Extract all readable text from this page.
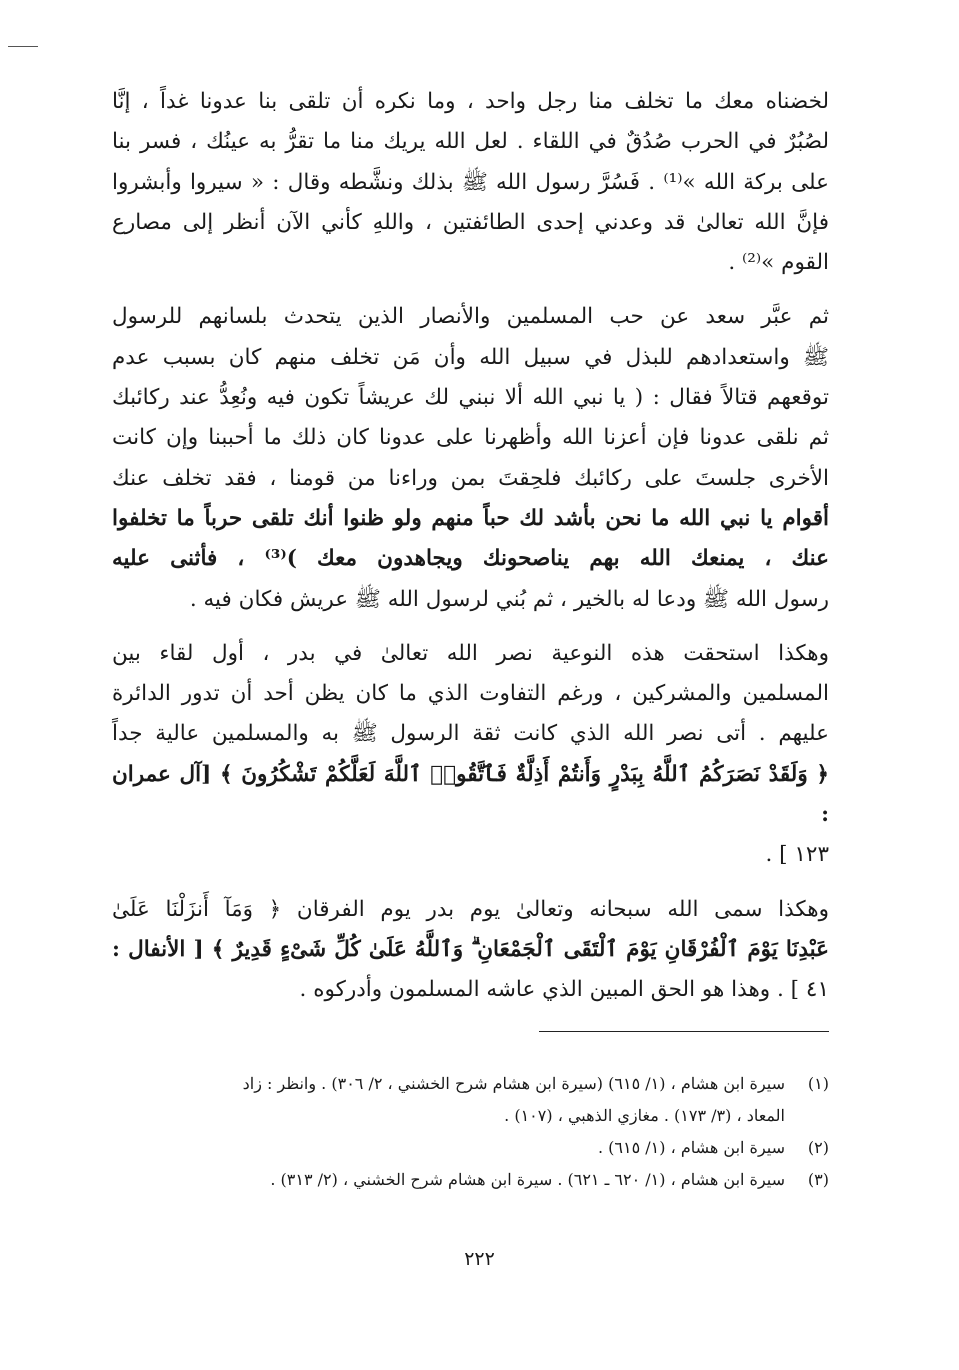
لخضناه معك ما تخلف منا رجل واحد ، وما نكره أن تلقى بنا عدونا غداً ، إنَّا
لصُبُرٌ في الحرب صُدُقٌ في اللقاء . لعل الله يريك منا ما تقرُّ به عينُك ، فسر بنا
على بركة الله »⁽¹⁾ . فَسُرَّ رسول الله ﷺ بذلك ونشَّطه وقال : « سيروا وأبشروا
فإنَّ الله تعالىٰ قد وعدني إحدى الطائفتين ، واللهِ كأني الآن أنظر إلى مصارع
القوم »⁽²⁾ .

ثم عبَّر سعد عن حب المسلمين والأنصار الذين يتحدث بلسانهم للرسول
ﷺ واستعدادهم للبذل في سبيل الله وأن مَن تخلف منهم كان بسبب عدم
توقعهم قتالاً فقال : ( يا نبي الله ألا نبني لك عريشاً تكون فيه ونُعِدُّ عند ركائبك
ثم نلقى عدونا فإن أعزنا الله وأظهرنا على عدونا كان ذلك ما أحببنا وإن كانت
الأخرى جلستَ على ركائبك فلحِقتَ بمن وراءنا من قومنا ، فقد تخلف عنك
أقوام يا نبي الله ما نحن بأشد لك حباً منهم ولو ظنوا أنك تلقى حرباً ما تخلفوا
عنك ، يمنعك الله بهم يناصحونك ويجاهدون معك )⁽³⁾ ، فأثنى عليه
رسول الله ﷺ ودعا له بالخير ، ثم بُني لرسول الله ﷺ عريش فكان فيه .

وهكذا استحقت هذه النوعية نصر الله تعالىٰ في بدر ، أول لقاء بين
المسلمين والمشركين ، ورغم التفاوت الذي ما كان يظن أحد أن تدور الدائرة
عليهم . أتى نصر الله الذي كانت ثقة الرسول ﷺ به والمسلمين عالية جداً
﴿ وَلَقَدْ نَصَرَكُمُ ٱللَّهُ بِبَدْرٍ وَأَنتُمْ أَذِلَّةٌ فَٱتَّقُوا۟ ٱللَّهَ لَعَلَّكُمْ تَشْكُرُونَ ﴾ [آل عمران :
١٢٣ ] .

وهكذا سمى الله سبحانه وتعالىٰ يوم بدر يوم الفرقان ﴿ وَمَآ أَنزَلْنَا عَلَىٰ
عَبْدِنَا يَوْمَ ٱلْفُرْقَانِ يَوْمَ ٱلْتَقَى ٱلْجَمْعَانِ ۗ وَٱللَّهُ عَلَىٰ كُلِّ شَىْءٍ قَدِيرٌ ﴾ [ الأنفال :
٤١ ] . وهذا هو الحق المبين الذي عاشه المسلمون وأدركوه .

(١)
سيرة ابن هشام ، (١/ ٦١٥) (سيرة ابن هشام شرح الخشني ، ٢/ ٣٠٦) . وانظر : زاد
المعاد ، (٣/ ١٧٣) . مغازي الذهبي ، (١٠٧) .
(٢)
سيرة ابن هشام ، (١/ ٦١٥) .
(٣)
سيرة ابن هشام ، (١/ ٦٢٠ ـ ٦٢١) . سيرة ابن هشام شرح الخشني ، (٢/ ٣١٣) .
٢٢٢
